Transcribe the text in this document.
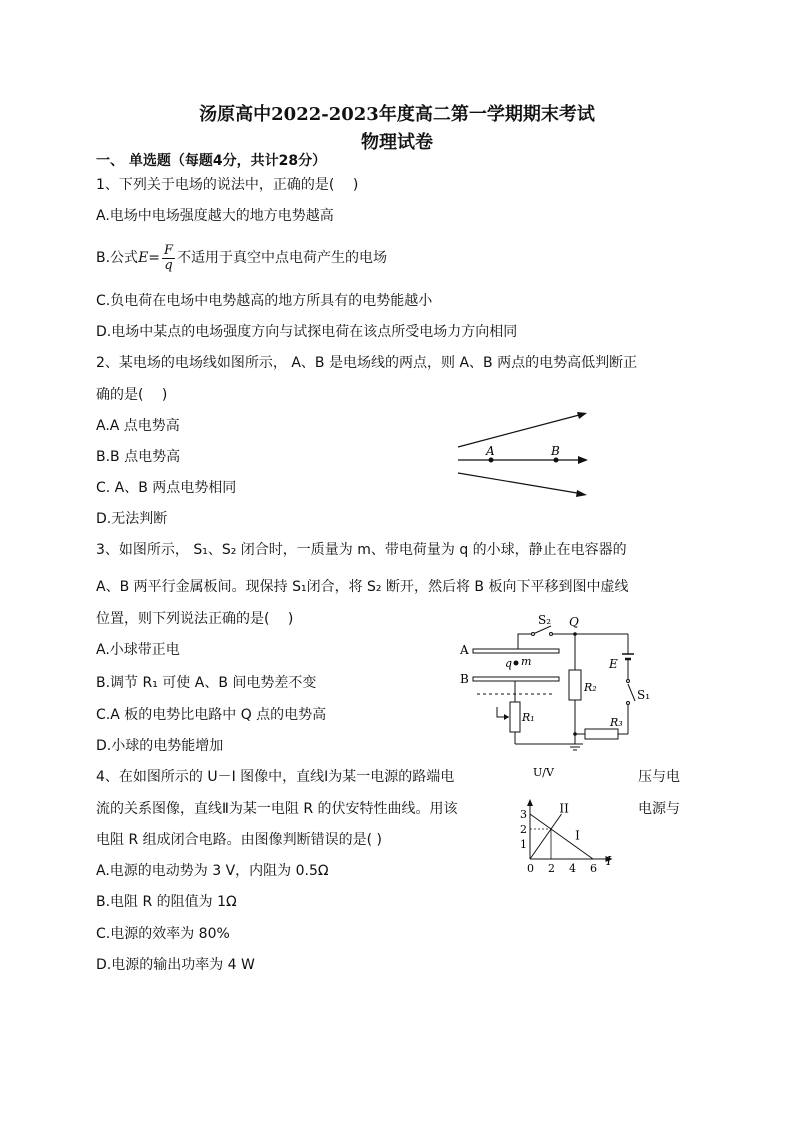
汤原高中2022-2023年度高二第一学期期末考试
物理试卷
一、 单选题（每题4分，共计28分）
1、下列关于电场的说法中，正确的是(　 )
A.电场中电场强度越大的地方电势越高
B.公式$E= \frac{F}{q}$ 不适用于真空中点电荷产生的电场
C.负电荷在电场中电势越高的地方所具有的电势能越小
D.电场中某点的电场强度方向与试探电荷在该点所受电场力方向相同
2、某电场的电场线如图所示， A、B 是电场线的两点，则 A、B 两点的电势高低判断正
确的是(　 )
A.A 点电势高
B.B 点电势高
C. A、B 两点电势相同
D.无法判断
A	B
3、如图所示， S₁、S₂ 闭合时，一质量为 m、带电荷量为 q 的小球，静止在电容器的
A、B 两平行金属板间。现保持 S₁闭合，将 S₂ 断开，然后将 B 板向下平移到图中虚线
位置，则下列说法正确的是(　 )
A.小球带正电
B.调节 R₁ 可使 A、B 间电势差不变
C.A 板的电势比电路中 Q 点的电势高
D.小球的电势能增加
S₂ Q
A
B
q m	E
S₁
R₁
R₂
R₃
4、在如图所示的 U－I 图像中，直线Ⅰ为某一电源的路端电	压与电
流的关系图像，直线Ⅱ为某一电阻 R 的伏安特性曲线。用该	电源与
电阻 R 组成闭合电路。由图像判断错误的是( )
A.电源的电动势为 3 V，内阻为 0.5Ω
B.电阻 R 的阻值为 1Ω
C.电源的效率为 80%
D.电源的输出功率为 4 W
I
II
0 2 4 6
1
2
3
U/V
I
